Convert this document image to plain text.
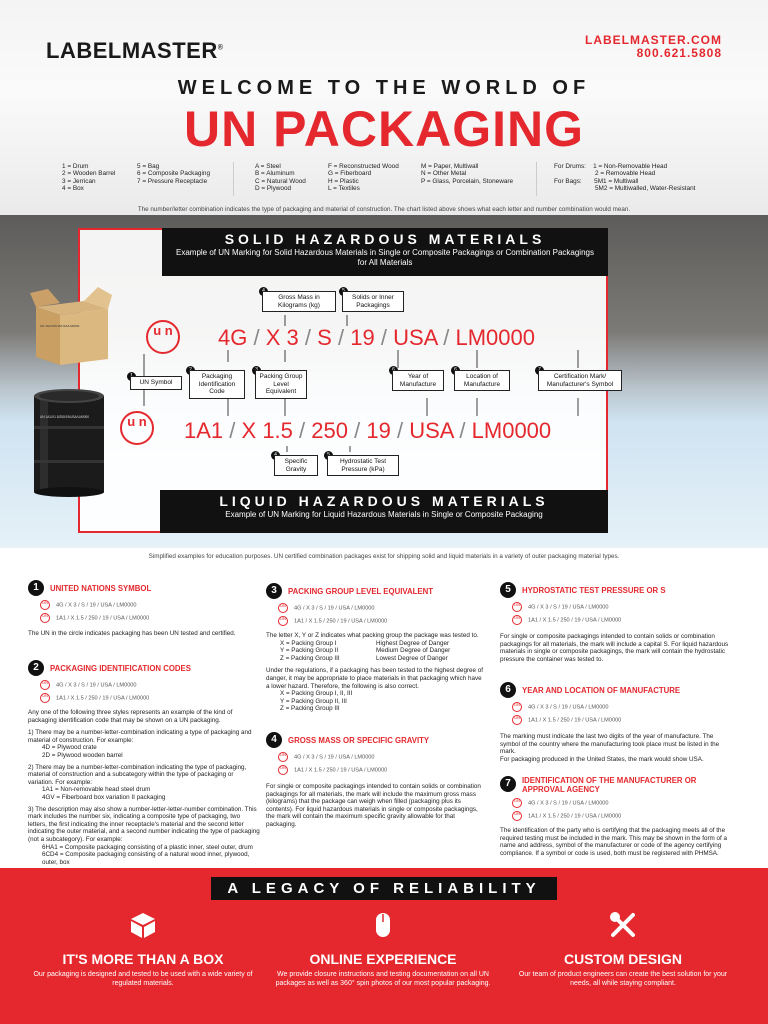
LABELMASTER®
LABELMASTER.COM
800.621.5808
WELCOME TO THE WORLD OF
UN PACKAGING
1 = Drum
2 = Wooden Barrel
3 = Jerrican
4 = Box
5 = Bag
6 = Composite Packaging
7 = Pressure Receptacle
A = Steel
B = Aluminum
C = Natural Wood
D = Plywood
F = Reconstructed Wood
G = Fiberboard
H = Plastic
L = Textiles
M = Paper, Multiwall
N = Other Metal
P = Glass, Porcelain, Stoneware
For Drums: 1 = Non-Removable Head
2 = Removable Head
For Bags: 5M1 = Multiwall
5M2 = Multiwalled, Water-Resistant
The number/letter combination indicates the type of packaging and material of construction. The chart listed above shows what each letter and number combination would mean.
UN 4G/X3/S/19/USA/LM0000
UN 1A1/X1.5/250/19/USA/LM0000
SOLID HAZARDOUS MATERIALS
Example of UN Marking for Solid Hazardous Materials in Single or Composite Packagings or Combination Packagings for All Materials
Gross Mass in Kilograms (kg)
Solids or Inner Packagings
u n	4G / X 3 / S / 19 / USA / LM0000
UN Symbol
Packaging Identification Code
Packing Group Level Equivalent
Year of Manufacture
Location of Manufacture
Certification Mark/ Manufacturer's Symbol
u n	1A1 / X 1.5 / 250 / 19 / USA / LM0000
Specific Gravity
Hydrostatic Test Pressure (kPa)
LIQUID HAZARDOUS MATERIALS
Example of UN Marking for Liquid Hazardous Materials in Single or Composite Packaging
Simplified examples for education purposes. UN certified combination packages exist for shipping solid and liquid materials in a variety of outer packaging material types.
1	UNITED NATIONS SYMBOL
UN 4G / X 3 / S / 19 / USA / LM0000
UN 1A1 / X 1.5 / 250 / 19 / USA / LM0000
The UN in the circle indicates packaging has been UN tested and certified.
2	PACKAGING IDENTIFICATION CODES
UN 4G / X 3 / S / 19 / USA / LM0000
UN 1A1 / X 1.5 / 250 / 19 / USA / LM0000
Any one of the following three styles represents an example of the kind of packaging identification code that may be shown on a UN packaging.
1) There may be a number-letter-combination indicating a type of packaging and material of construction. For example:
4D = Plywood crate
2D = Plywood wooden barrel
2) There may be a number-letter-combination indicating the type of packaging, material of construction and a subcategory within the type of packaging or variation. For example:
1A1 = Non-removable head steel drum
4GV = Fiberboard box variation II packaging
3) The description may also show a number-letter-letter-number combination. This mark includes the number six, indicating a composite type of packaging, two letters, the first indicating the inner receptacle's material and the second letter indicating the outer material, and a second number indicating the type of packaging (not a subcategory). For example:
6HA1 = Composite packaging consisting of a plastic inner, steel outer, drum
6CD4 = Composite packaging consisting of a natural wood inner, plywood, outer, box
3	PACKING GROUP LEVEL EQUIVALENT
UN 4G / X 3 / S / 19 / USA / LM0000
UN 1A1 / X 1.5 / 250 / 19 / USA / LM0000
The letter X, Y or Z indicates what packing group the package was tested to.
X = Packing Group I	Highest Degree of Danger
Y = Packing Group II	Medium Degree of Danger
Z = Packing Group III	Lowest Degree of Danger
Under the regulations, if a packaging has been tested to the highest degree of danger, it may be appropriate to place materials in that packaging which have a lower hazard. Therefore, the following is also correct.
X = Packing Group I, II, III
Y = Packing Group II, III
Z = Packing Group III
4	GROSS MASS OR SPECIFIC GRAVITY
UN 4G / X 3 / S / 19 / USA / LM0000
UN 1A1 / X 1.5 / 250 / 19 / USA / LM0000
For single or composite packagings intended to contain solids or combination packagings for all materials, the mark will include the maximum gross mass (kilograms) that the package can weigh when filled (packaging plus its contents). For liquid hazardous materials in single or composite packagings, the mark will contain the maximum specific gravity allowable for that packaging.
5	HYDROSTATIC TEST PRESSURE OR S
UN 4G / X 3 / S / 19 / USA / LM0000
UN 1A1 / X 1.5 / 250 / 19 / USA / LM0000
For single or composite packagings intended to contain solids or combination packagings for all materials, the mark will include a capital S. For liquid hazardous materials in single or composite packagings, the mark will contain the hydrostatic pressure the container was tested to.
6	YEAR AND LOCATION OF MANUFACTURE
UN 4G / X 3 / S / 19 / USA / LM0000
UN 1A1 / X 1.5 / 250 / 19 / USA / LM0000
The marking must indicate the last two digits of the year of manufacture. The symbol of the country where the manufacturing took place must be listed in the mark.
For packaging produced in the United States, the mark would show USA.
7	IDENTIFICATION OF THE MANUFACTURER OR APPROVAL AGENCY
UN 4G / X 3 / S / 19 / USA / LM0000
UN 1A1 / X 1.5 / 250 / 19 / USA / LM0000
The identification of the party who is certifying that the packaging meets all of the required testing must be included in the mark. This may be shown in the form of a name and address, symbol of the manufacturer or code of the agency certifying compliance. If a symbol or code is used, both must be registered with PHMSA.
A LEGACY OF RELIABILITY
IT'S MORE THAN A BOX
Our packaging is designed and tested to be used with a wide variety of regulated materials.
ONLINE EXPERIENCE
We provide closure instructions and testing documentation on all UN packages as well as 360° spin photos of our most popular packaging.
CUSTOM DESIGN
Our team of product engineers can create the best solution for your needs, all while staying compliant.
